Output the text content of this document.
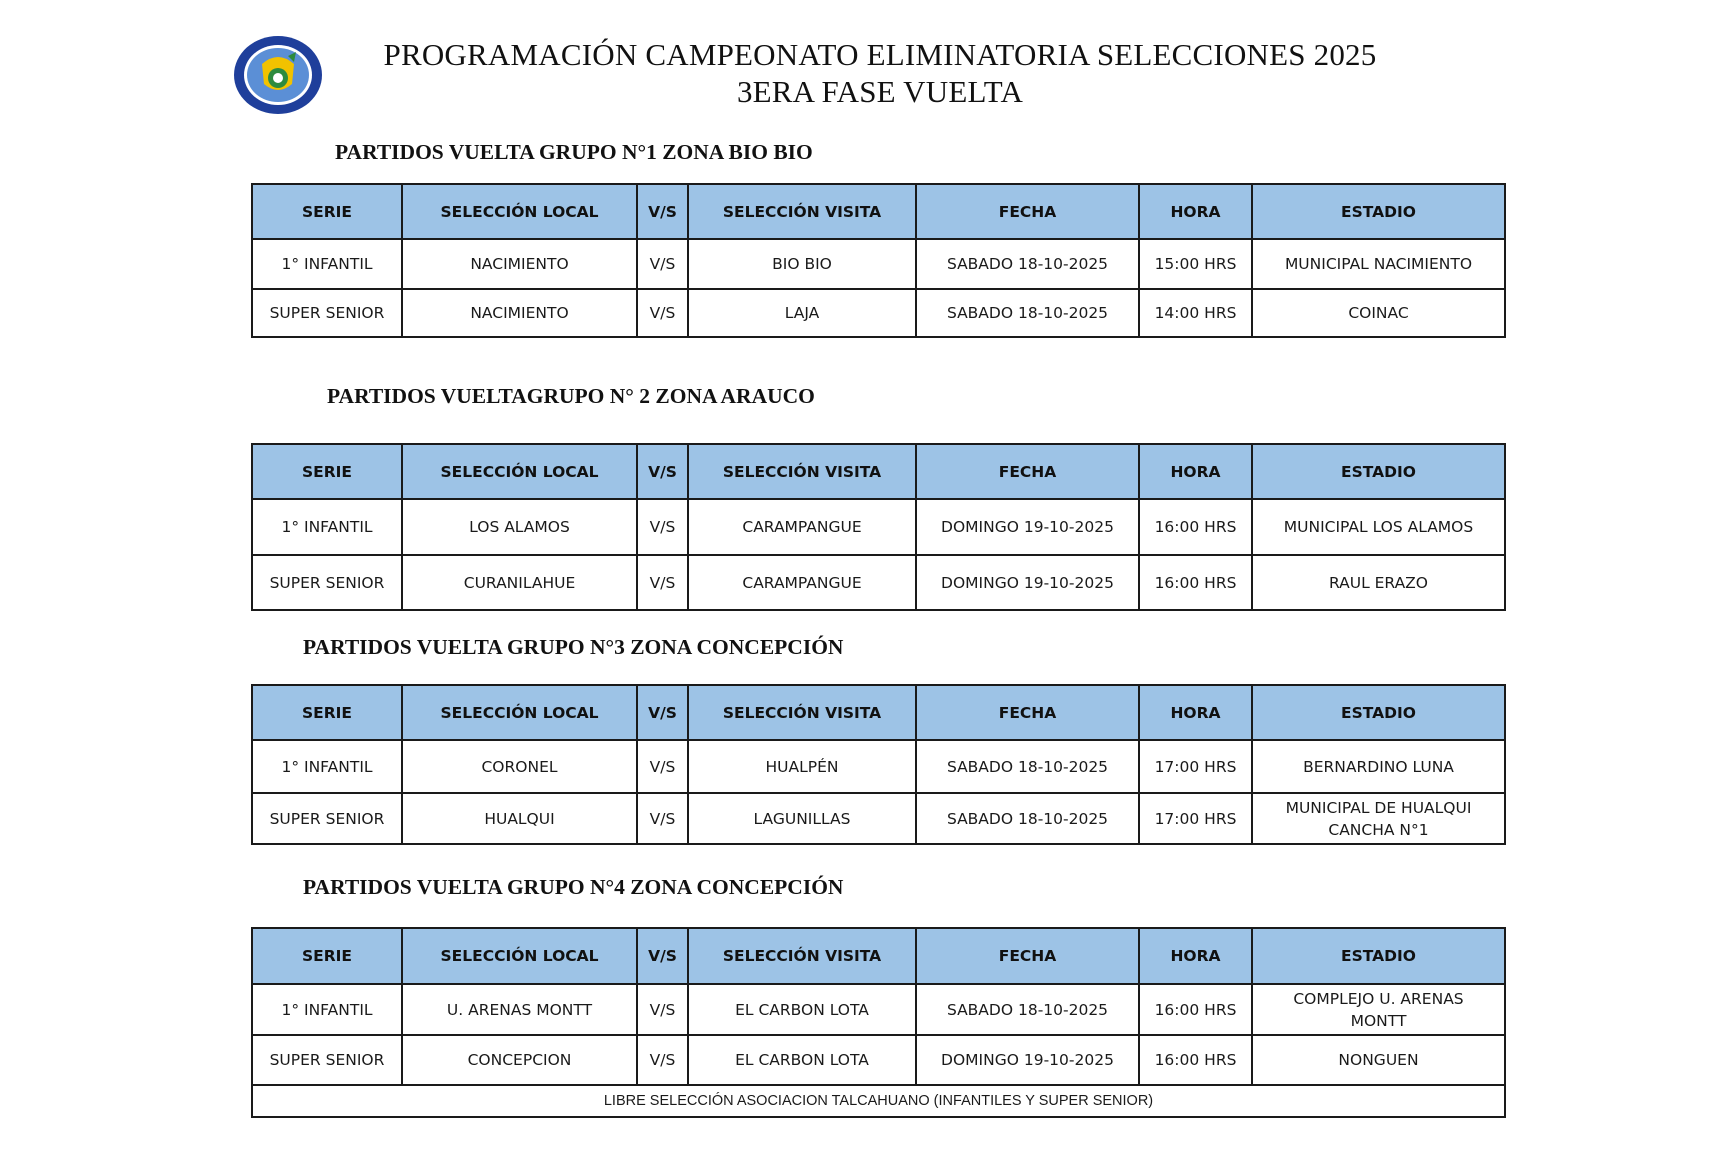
PROGRAMACIÓN CAMPEONATO ELIMINATORIA SELECCIONES 2025
3ERA FASE VUELTA
PARTIDOS VUELTA GRUPO N°1 ZONA BIO BIO
SERIE	SELECCIÓN LOCAL	V/S	SELECCIÓN VISITA	FECHA	HORA	ESTADIO
1° INFANTIL	NACIMIENTO	V/S	BIO BIO	SABADO 18-10-2025	15:00 HRS	MUNICIPAL NACIMIENTO
SUPER SENIOR	NACIMIENTO	V/S	LAJA	SABADO 18-10-2025	14:00 HRS	COINAC
PARTIDOS VUELTAGRUPO N° 2 ZONA ARAUCO
SERIE	SELECCIÓN LOCAL	V/S	SELECCIÓN VISITA	FECHA	HORA	ESTADIO
1° INFANTIL	LOS ALAMOS	V/S	CARAMPANGUE	DOMINGO 19-10-2025	16:00 HRS	MUNICIPAL LOS ALAMOS
SUPER SENIOR	CURANILAHUE	V/S	CARAMPANGUE	DOMINGO 19-10-2025	16:00 HRS	RAUL ERAZO
PARTIDOS VUELTA GRUPO N°3 ZONA CONCEPCIÓN
SERIE	SELECCIÓN LOCAL	V/S	SELECCIÓN VISITA	FECHA	HORA	ESTADIO
1° INFANTIL	CORONEL	V/S	HUALPÉN	SABADO 18-10-2025	17:00 HRS	BERNARDINO LUNA
SUPER SENIOR	HUALQUI	V/S	LAGUNILLAS	SABADO 18-10-2025	17:00 HRS	MUNICIPAL DE HUALQUI CANCHA N°1
PARTIDOS VUELTA GRUPO N°4 ZONA CONCEPCIÓN
SERIE	SELECCIÓN LOCAL	V/S	SELECCIÓN VISITA	FECHA	HORA	ESTADIO
1° INFANTIL	U. ARENAS MONTT	V/S	EL CARBON LOTA	SABADO 18-10-2025	16:00 HRS	COMPLEJO U. ARENAS MONTT
SUPER SENIOR	CONCEPCION	V/S	EL CARBON LOTA	DOMINGO 19-10-2025	16:00 HRS	NONGUEN
LIBRE SELECCIÓN ASOCIACION TALCAHUANO (INFANTILES Y SUPER SENIOR)						
